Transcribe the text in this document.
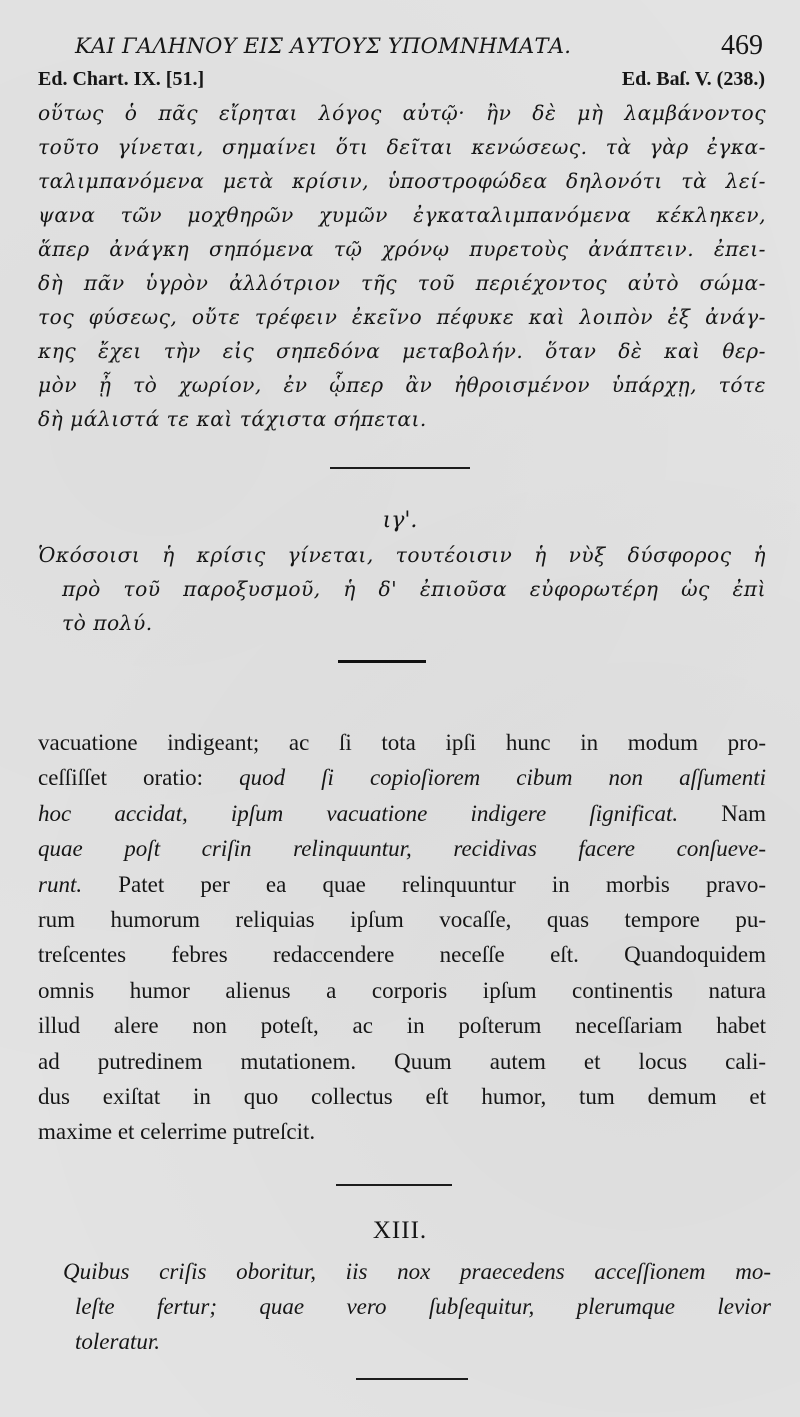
ΚΑΙ ΓΑΛΗΝΟΥ ΕΙΣ ΑΥΤΟΥΣ ΥΠΟΜΝΗΜΑΤΑ.	469
Ed. Chart. IX. [51.]	Ed. Baſ. V. (238.)
οὕτως ὁ πᾶς εἴρηται λόγος αὐτῷ· ἢν δὲ μὴ λαμβάνοντος
τοῦτο γίνεται, σημαίνει ὅτι δεῖται κενώσεως. τὰ γὰρ ἐγκα-
ταλιμπανόμενα μετὰ κρίσιν, ὑποστροφώδεα δηλονότι τὰ λεί-
ψανα τῶν μοχθηρῶν χυμῶν ἐγκαταλιμπανόμενα κέκληκεν,
ἅπερ ἀνάγκη σηπόμενα τῷ χρόνῳ πυρετοὺς ἀνάπτειν. ἐπει-
δὴ πᾶν ὑγρὸν ἀλλότριον τῆς τοῦ περιέχοντος αὐτὸ σώμα-
τος φύσεως, οὔτε τρέφειν ἐκεῖνο πέφυκε καὶ λοιπὸν ἐξ ἀνάγ-
κης ἔχει τὴν εἰς σηπεδόνα μεταβολήν. ὅταν δὲ καὶ θερ-
μὸν ᾖ τὸ χωρίον, ἐν ᾧπερ ἂν ἠθροισμένον ὑπάρχῃ, τότε
δὴ μάλιστά τε καὶ τάχιστα σήπεται.
ιγ'.
Ὁκόσοισι ἡ κρίσις γίνεται, τουτέοισιν ἡ νὺξ δύσφορος ἡ
πρὸ τοῦ παροξυσμοῦ, ἡ δ' ἐπιοῦσα εὐφορωτέρη ὡς ἐπὶ
τὸ πολύ.
vacuatione indigeant; ac ſi tota ipſi hunc in modum pro-
ceſſiſſet oratio: quod ſi copioſiorem cibum non aſſumenti
hoc accidat, ipſum vacuatione indigere ſignificat. Nam
quae poſt criſin relinquuntur, recidivas facere conſueve-
runt. Patet per ea quae relinquuntur in morbis pravo-
rum humorum reliquias ipſum vocaſſe, quas tempore pu-
treſcentes febres redaccendere neceſſe eſt. Quandoquidem
omnis humor alienus a corporis ipſum continentis natura
illud alere non poteſt, ac in poſterum neceſſariam habet
ad putredinem mutationem. Quum autem et locus cali-
dus exiſtat in quo collectus eſt humor, tum demum et
maxime et celerrime putreſcit.
XIII.
Quibus criſis oboritur, iis nox praecedens acceſſionem mo-
leſte fertur; quae vero ſubſequitur, plerumque levior
toleratur.
